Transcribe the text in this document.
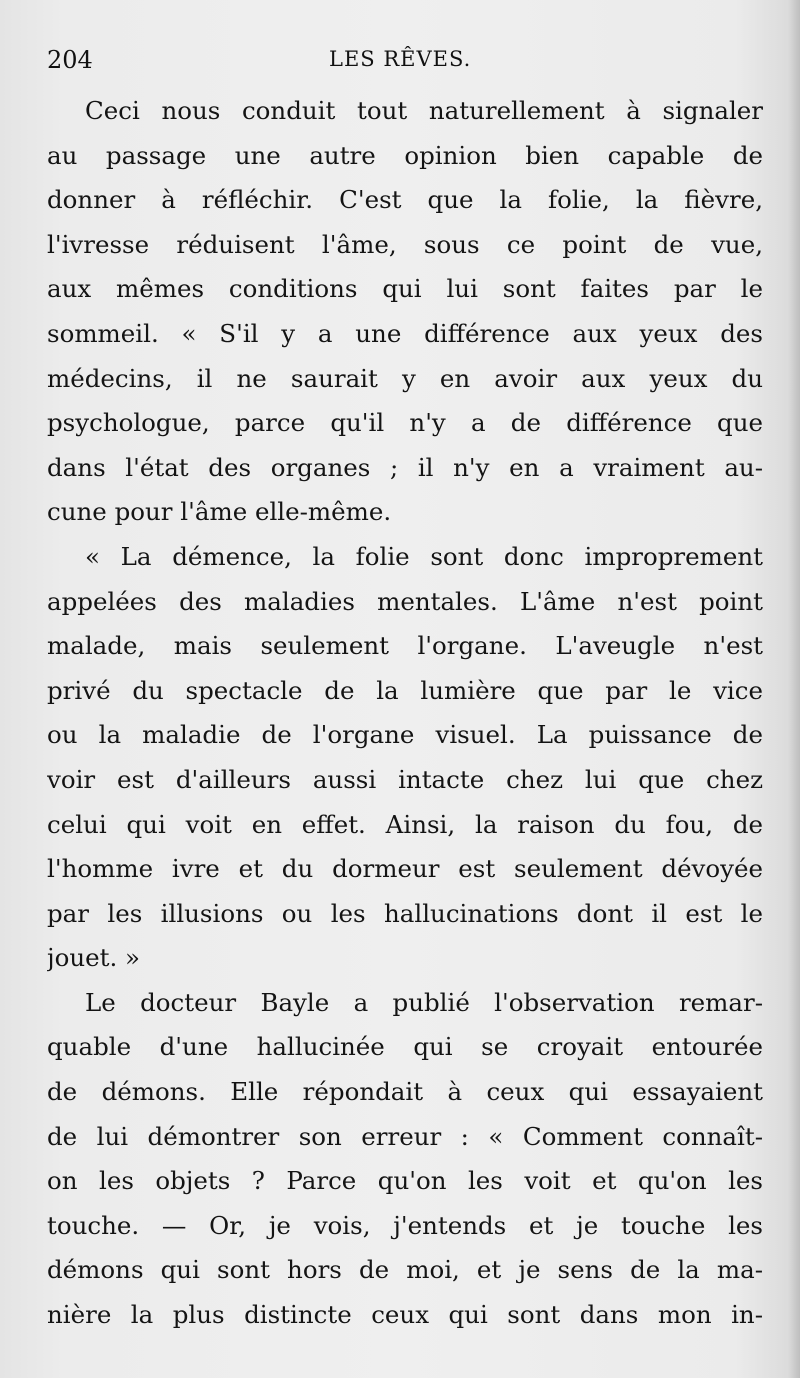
204	LES RÊVES.
Ceci nous conduit tout naturellement à signaler
au passage une autre opinion bien capable de
donner à réfléchir. C'est que la folie, la fièvre,
l'ivresse réduisent l'âme, sous ce point de vue,
aux mêmes conditions qui lui sont faites par le
sommeil. « S'il y a une différence aux yeux des
médecins, il ne saurait y en avoir aux yeux du
psychologue, parce qu'il n'y a de différence que
dans l'état des organes ; il n'y en a vraiment au-
cune pour l'âme elle-même.
« La démence, la folie sont donc improprement
appelées des maladies mentales. L'âme n'est point
malade, mais seulement l'organe. L'aveugle n'est
privé du spectacle de la lumière que par le vice
ou la maladie de l'organe visuel. La puissance de
voir est d'ailleurs aussi intacte chez lui que chez
celui qui voit en effet. Ainsi, la raison du fou, de
l'homme ivre et du dormeur est seulement dévoyée
par les illusions ou les hallucinations dont il est le
jouet. »
Le docteur Bayle a publié l'observation remar-
quable d'une hallucinée qui se croyait entourée
de démons. Elle répondait à ceux qui essayaient
de lui démontrer son erreur : « Comment connaît-
on les objets ? Parce qu'on les voit et qu'on les
touche. — Or, je vois, j'entends et je touche les
démons qui sont hors de moi, et je sens de la ma-
nière la plus distincte ceux qui sont dans mon in-
